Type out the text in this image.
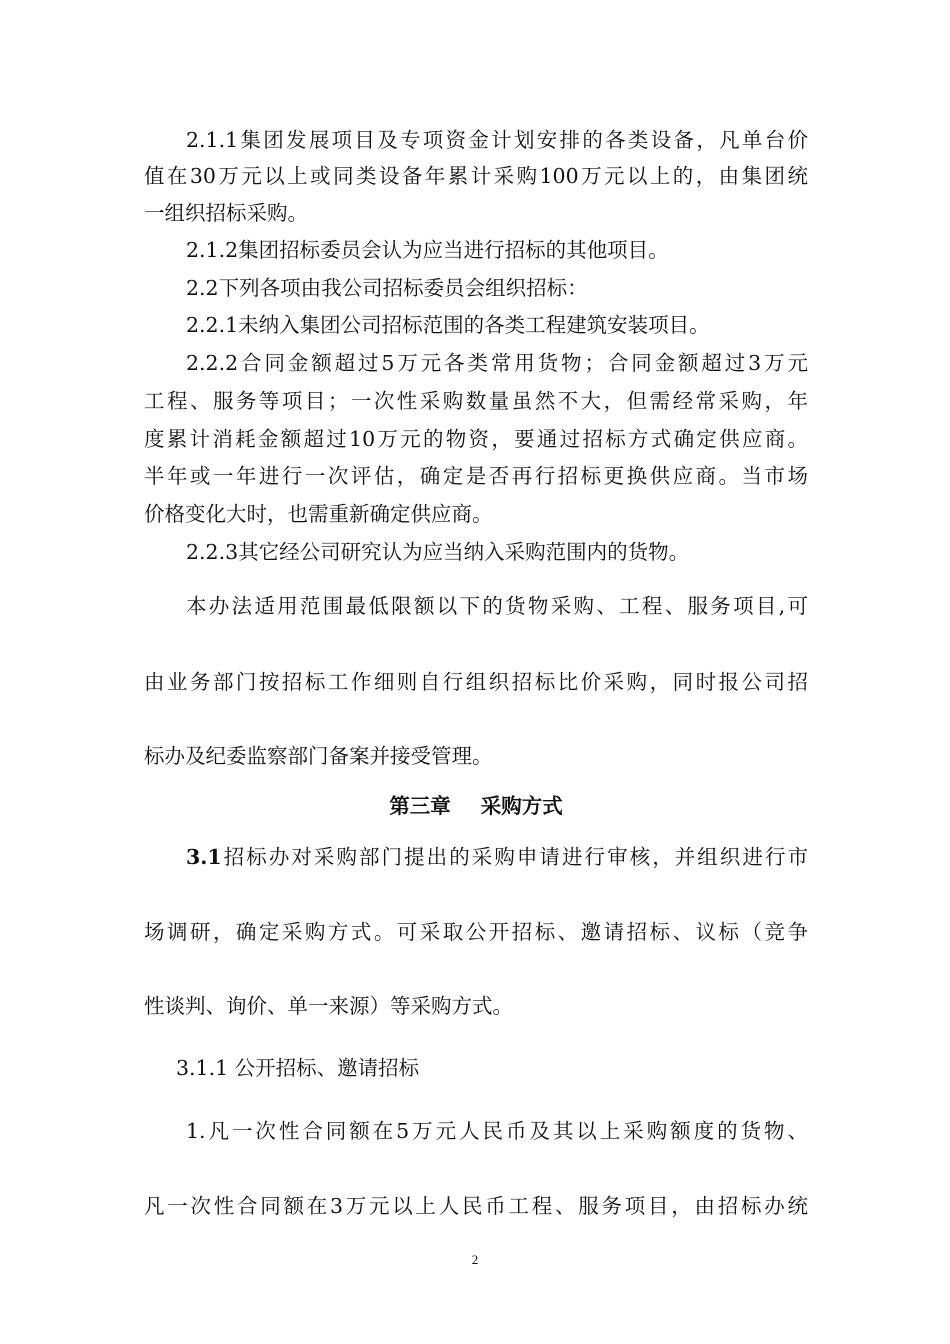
2.1.1集团发展项目及专项资金计划安排的各类设备，凡单台价
值在30万元以上或同类设备年累计采购100万元以上的，由集团统
一组织招标采购。
2.1.2集团招标委员会认为应当进行招标的其他项目。
2.2下列各项由我公司招标委员会组织招标：
2.2.1未纳入集团公司招标范围的各类工程建筑安装项目。
2.2.2合同金额超过5万元各类常用货物；合同金额超过3万元
工程、服务等项目；一次性采购数量虽然不大，但需经常采购，年
度累计消耗金额超过10万元的物资，要通过招标方式确定供应商。
半年或一年进行一次评估，确定是否再行招标更换供应商。当市场
价格变化大时，也需重新确定供应商。
2.2.3其它经公司研究认为应当纳入采购范围内的货物。
本办法适用范围最低限额以下的货物采购、工程、服务项目,可
由业务部门按招标工作细则自行组织招标比价采购，同时报公司招
标办及纪委监察部门备案并接受管理。
第三章 采购方式
3.1招标办对采购部门提出的采购申请进行审核，并组织进行市
场调研，确定采购方式。可采取公开招标、邀请招标、议标（竞争
性谈判、询价、单一来源）等采购方式。
3.1.1 公开招标、邀请招标
1.凡一次性合同额在5万元人民币及其以上采购额度的货物、
凡一次性合同额在3万元以上人民币工程、服务项目，由招标办统
2
